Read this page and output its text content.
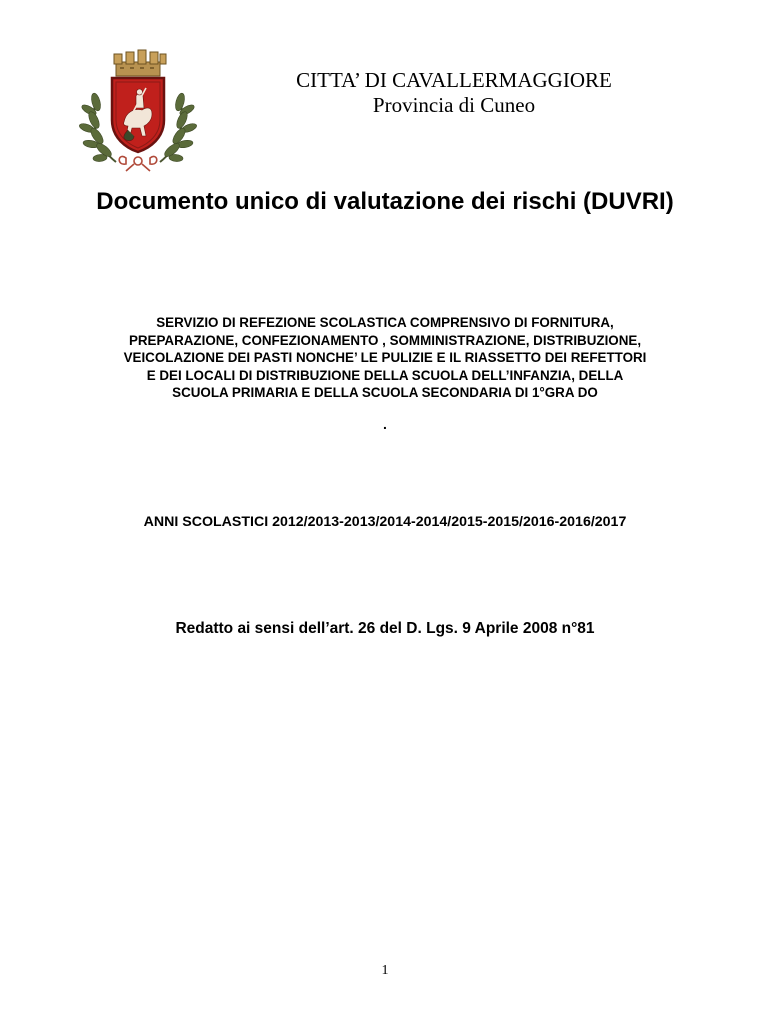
CITTA’ DI CAVALLERMAGGIORE
Provincia di Cuneo
Documento unico di valutazione dei rischi (DUVRI)
SERVIZIO DI REFEZIONE SCOLASTICA COMPRENSIVO DI FORNITURA,
PREPARAZIONE, CONFEZIONAMENTO , SOMMINISTRAZIONE, DISTRIBUZIONE,
VEICOLAZIONE DEI PASTI NONCHE’ LE PULIZIE E IL RIASSETTO DEI REFETTORI
E DEI LOCALI DI DISTRIBUZIONE DELLA SCUOLA DELL’INFANZIA, DELLA
SCUOLA PRIMARIA E DELLA SCUOLA SECONDARIA DI 1°GRA DO
.
ANNI SCOLASTICI 2012/2013-2013/2014-2014/2015-2015/2016-2016/2017
Redatto ai sensi dell’art. 26 del D. Lgs. 9 Aprile 2008 n°81
1
